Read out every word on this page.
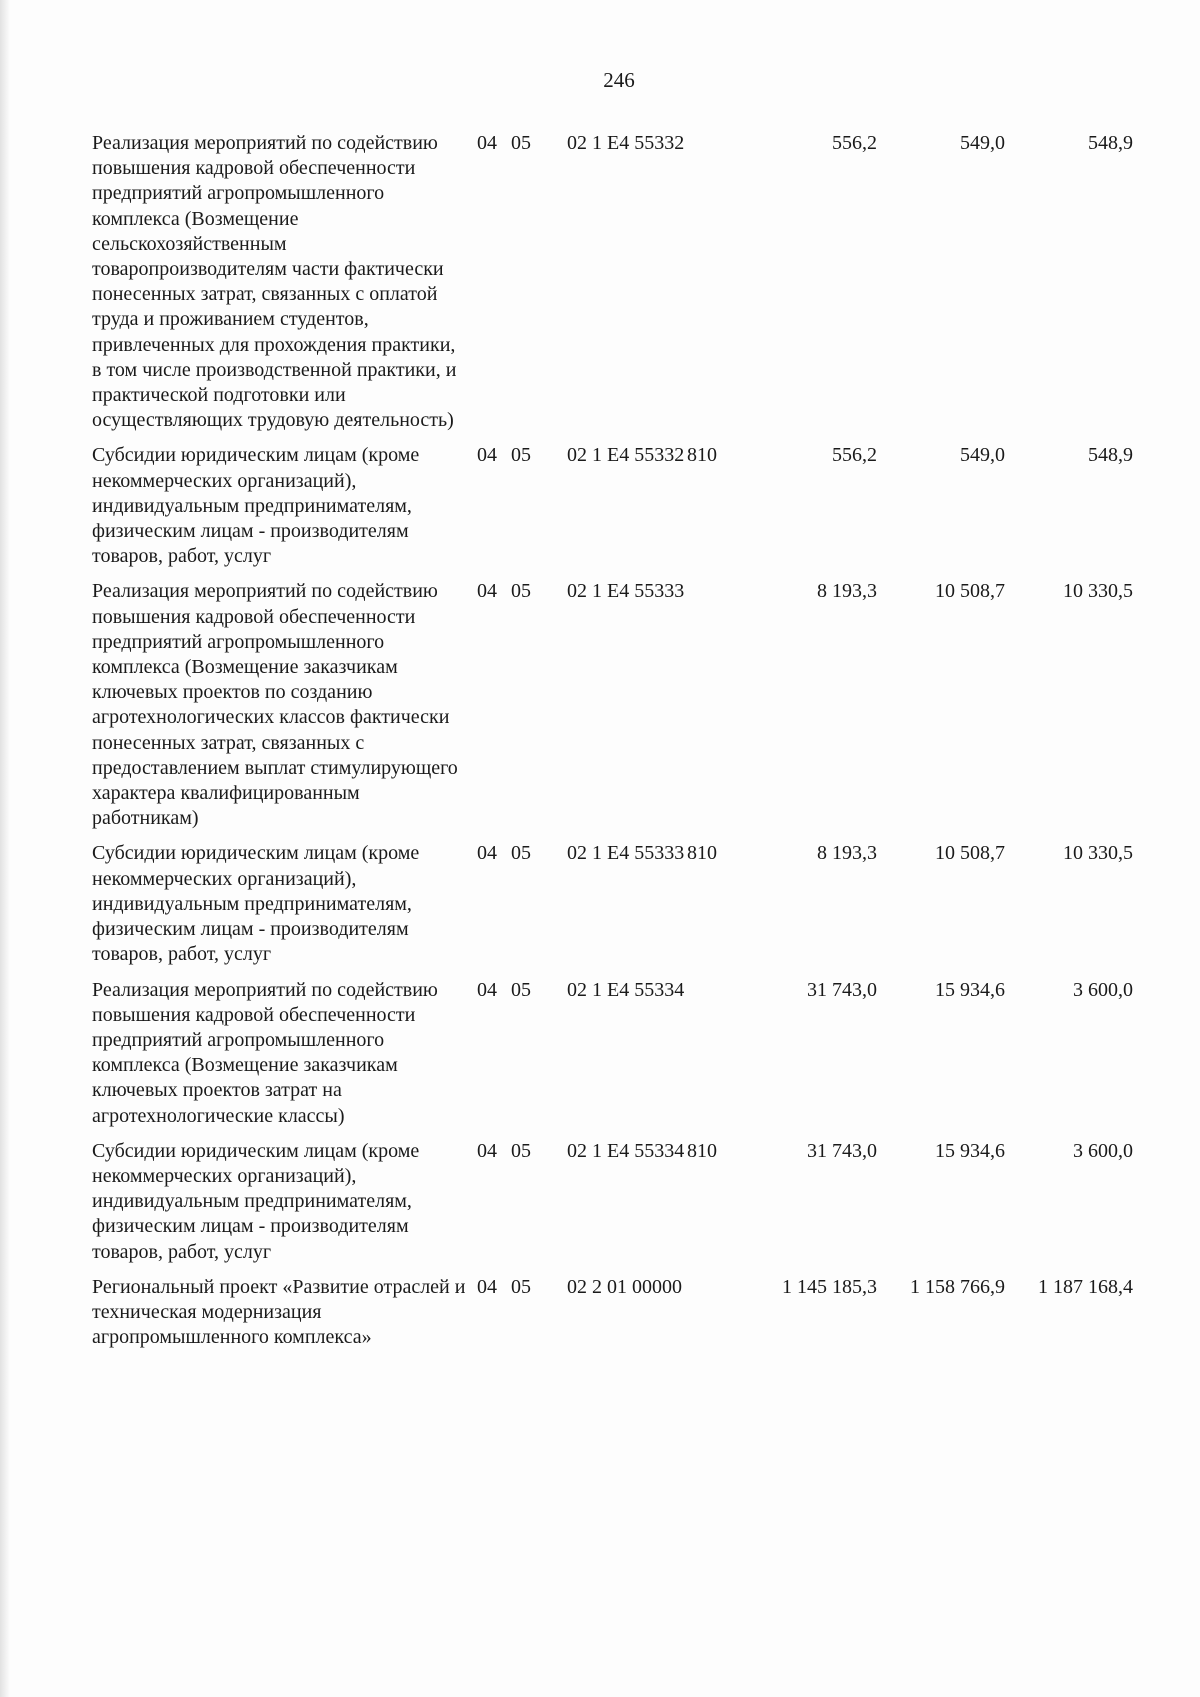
246
Реализация мероприятий по содействию повышения кадровой обеспеченности предприятий агропромышленного комплекса (Возмещение сельскохозяйственным товаропроизводителям части фактически понесенных затрат, связанных с оплатой труда и проживанием студентов, привлеченных для прохождения практики, в том числе производственной практики, и практической подготовки или осуществляющих трудовую деятельность)	04	05	02 1 E4 55332		556,2	549,0	548,9
Субсидии юридическим лицам (кроме некоммерческих организаций), индивидуальным предпринимателям, физическим лицам - производителям товаров, работ, услуг	04	05	02 1 E4 55332	810	556,2	549,0	548,9
Реализация мероприятий по содействию повышения кадровой обеспеченности предприятий агропромышленного комплекса (Возмещение заказчикам ключевых проектов по созданию агротехнологических классов фактически понесенных затрат, связанных с предоставлением выплат стимулирующего характера квалифицированным работникам)	04	05	02 1 E4 55333		8 193,3	10 508,7	10 330,5
Субсидии юридическим лицам (кроме некоммерческих организаций), индивидуальным предпринимателям, физическим лицам - производителям товаров, работ, услуг	04	05	02 1 E4 55333	810	8 193,3	10 508,7	10 330,5
Реализация мероприятий по содействию повышения кадровой обеспеченности предприятий агропромышленного комплекса (Возмещение заказчикам ключевых проектов затрат на агротехнологические классы)	04	05	02 1 E4 55334		31 743,0	15 934,6	3 600,0
Субсидии юридическим лицам (кроме некоммерческих организаций), индивидуальным предпринимателям, физическим лицам - производителям товаров, работ, услуг	04	05	02 1 E4 55334	810	31 743,0	15 934,6	3 600,0
Региональный проект «Развитие отраслей и техническая модернизация агропромышленного комплекса»	04	05	02 2 01 00000		1 145 185,3	1 158 766,9	1 187 168,4
